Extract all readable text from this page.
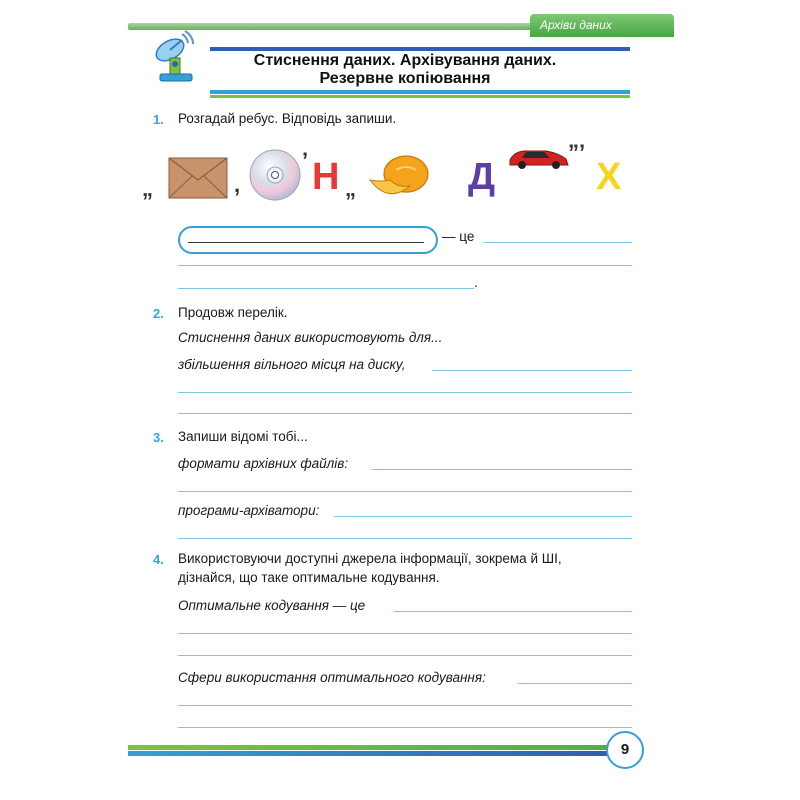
Архіви даних
Стиснення даних. Архівування даних.
Резервне копіювання
1. Розгадай ребус. Відповідь запиши.
„	,
’ Н „	Д
”’
Х
— це
.
2. Продовж перелік.
Стиснення даних використовують для...
збільшення вільного місця на диску,
3. Запиши відомі тобі...
формати архівних файлів:
програми-архіватори:
4. Використовуючи доступні джерела інформації, зокрема й ШІ,
дізнайся, що таке оптимальне кодування.
Оптимальне кодування — це
Сфери використання оптимального кодування:
9
